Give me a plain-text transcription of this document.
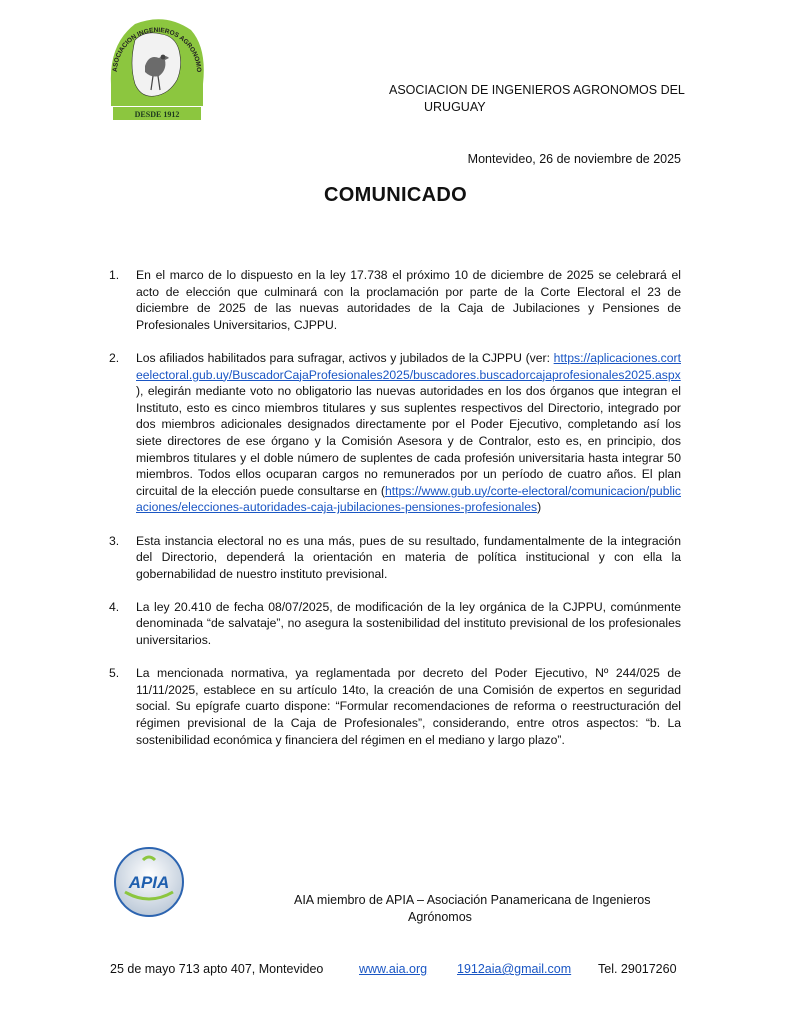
ASOCIACION INGENIEROS AGRONOMO
DESDE 1912
ASOCIACION DE INGENIEROS AGRONOMOS DEL
URUGUAY
Montevideo, 26 de noviembre de 2025
COMUNICADO
1. En el marco de lo dispuesto en la ley 17.738 el próximo 10 de diciembre de 2025 se celebrará el acto de elección que culminará con la proclamación por parte de la Corte Electoral el 23 de diciembre de 2025 de las nuevas autoridades de la Caja de Jubilaciones y Pensiones de Profesionales Universitarios, CJPPU.
2. Los afiliados habilitados para sufragar, activos y jubilados de la CJPPU (ver: https://aplicaciones.corteelectoral.gub.uy/BuscadorCajaProfesionales2025/buscadores.buscadorcajaprofesionales2025.aspx ), elegirán mediante voto no obligatorio las nuevas autoridades en los dos órganos que integran el Instituto, esto es cinco miembros titulares y sus suplentes respectivos del Directorio, integrado por dos miembros adicionales designados directamente por el Poder Ejecutivo, completando así los siete directores de ese órgano y la Comisión Asesora y de Contralor, esto es, en principio, dos miembros titulares y el doble número de suplentes de cada profesión universitaria hasta integrar 50 miembros. Todos ellos ocuparan cargos no remunerados por un período de cuatro años. El plan circuital de la elección puede consultarse en (https://www.gub.uy/corte-electoral/comunicacion/publicaciones/elecciones-autoridades-caja-jubilaciones-pensiones-profesionales)
3. Esta instancia electoral no es una más, pues de su resultado, fundamentalmente de la integración del Directorio, dependerá la orientación en materia de política institucional y con ella la gobernabilidad de nuestro instituto previsional.
4. La ley 20.410 de fecha 08/07/2025, de modificación de la ley orgánica de la CJPPU, comúnmente denominada “de salvataje”, no asegura la sostenibilidad del instituto previsional de los profesionales universitarios.
5. La mencionada normativa, ya reglamentada por decreto del Poder Ejecutivo, Nº 244/025 de 11/11/2025, establece en su artículo 14to, la creación de una Comisión de expertos en seguridad social. Su epígrafe cuarto dispone: “Formular recomendaciones de reforma o reestructuración del régimen previsional de la Caja de Profesionales”, considerando, entre otros aspectos: “b. La sostenibilidad económica y financiera del régimen en el mediano y largo plazo”.
APIA
AIA miembro de APIA – Asociación Panamericana de Ingenieros
Agrónomos
25 de mayo 713 apto 407, Montevideo	www.aia.org 1912aia@gmail.com Tel. 29017260
